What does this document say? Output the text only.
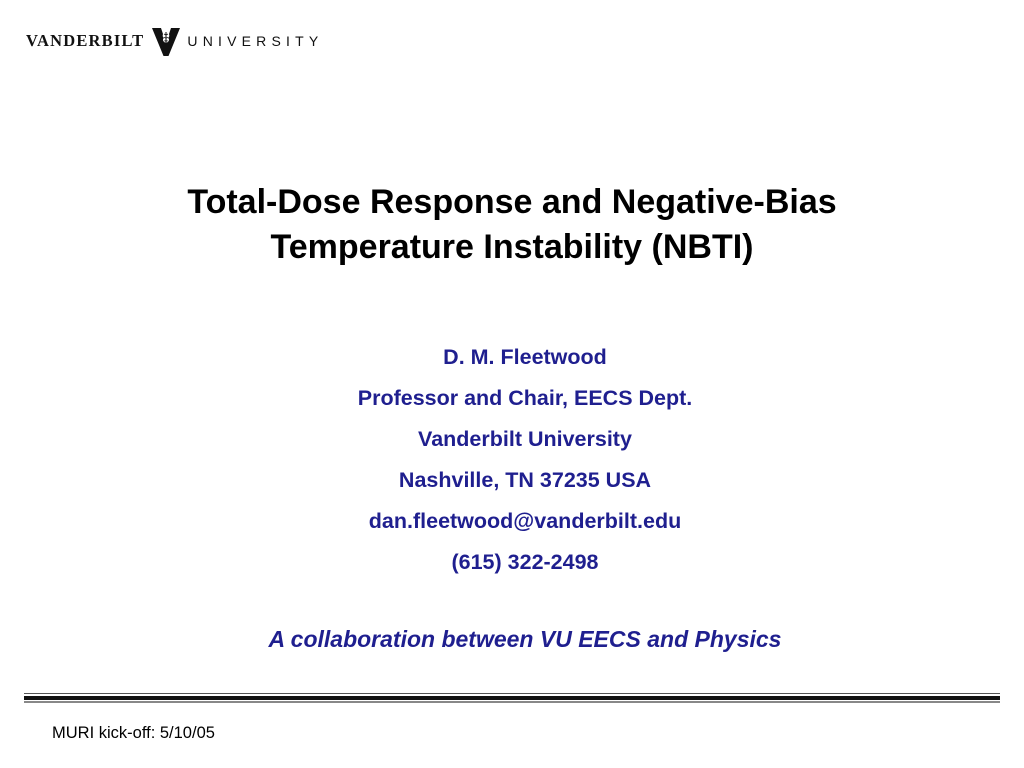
VANDERBILT	UNIVERSITY
Total-Dose Response and Negative-Bias
Temperature Instability (NBTI)
D. M. Fleetwood
Professor and Chair, EECS Dept.
Vanderbilt University
Nashville, TN 37235 USA
dan.fleetwood@vanderbilt.edu
(615) 322-2498
A collaboration between VU EECS and Physics
MURI kick-off: 5/10/05
